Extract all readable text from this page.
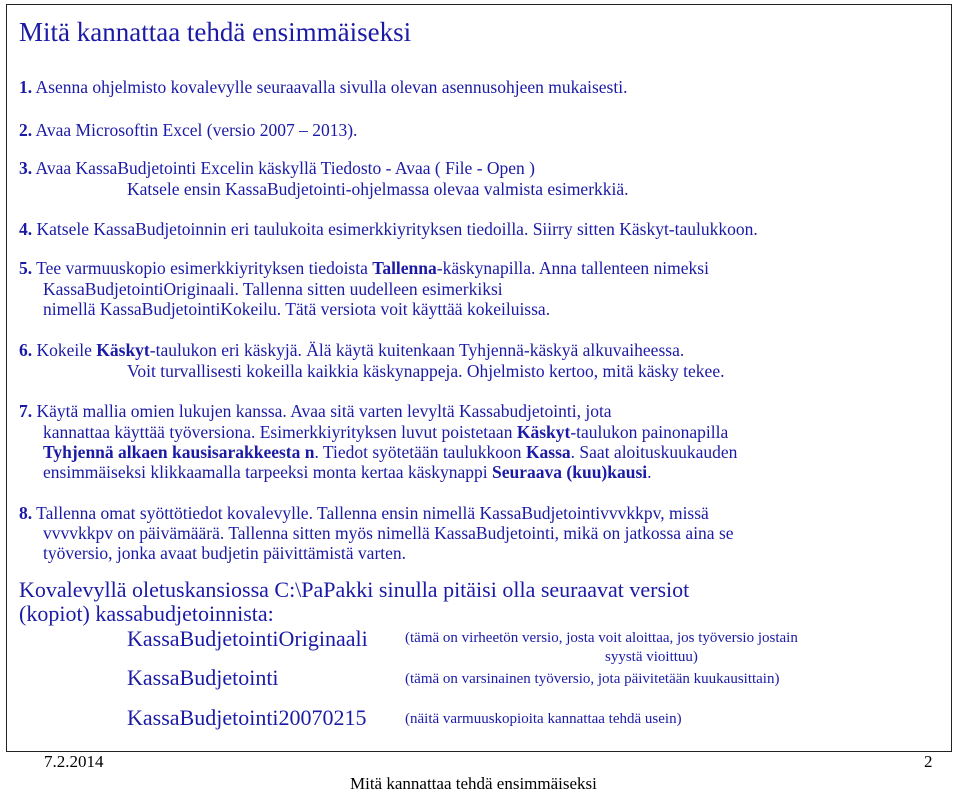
Mitä kannattaa tehdä ensimmäiseksi
1. Asenna ohjelmisto kovalevylle seuraavalla sivulla olevan asennusohjeen mukaisesti.
2. Avaa Microsoftin Excel (versio 2007 – 2013).
3. Avaa KassaBudjetointi Excelin käskyllä Tiedosto - Avaa ( File - Open )
Katsele ensin KassaBudjetointi-ohjelmassa olevaa valmista esimerkkiä.
4. Katsele KassaBudjetoinnin eri taulukoita esimerkkiyrityksen tiedoilla. Siirry sitten Käskyt-taulukkoon.
5. Tee varmuuskopio esimerkkiyrityksen tiedoista Tallenna-käskynapilla. Anna tallenteen nimeksi
KassaBudjetointiOriginaali. Tallenna sitten uudelleen esimerkiksi
nimellä KassaBudjetointiKokeilu. Tätä versiota voit käyttää kokeiluissa.
6. Kokeile Käskyt-taulukon eri käskyjä. Älä käytä kuitenkaan Tyhjennä-käskyä alkuvaiheessa.
Voit turvallisesti kokeilla kaikkia käskynappeja. Ohjelmisto kertoo, mitä käsky tekee.
7. Käytä mallia omien lukujen kanssa. Avaa sitä varten levyltä Kassabudjetointi, jota
kannattaa käyttää työversiona. Esimerkkiyrityksen luvut poistetaan Käskyt-taulukon painonapilla
Tyhjennä alkaen kausisarakkeesta n. Tiedot syötetään taulukkoon Kassa. Saat aloituskuukauden
ensimmäiseksi klikkaamalla tarpeeksi monta kertaa käskynappi Seuraava (kuu)kausi.
8. Tallenna omat syöttötiedot kovalevylle. Tallenna ensin nimellä KassaBudjetointivvvkkpv, missä
vvvvkkpv on päivämäärä. Tallenna sitten myös nimellä KassaBudjetointi, mikä on jatkossa aina se
työversio, jonka avaat budjetin päivittämistä varten.
Kovalevyllä oletuskansiossa C:\PaPakki sinulla pitäisi olla seuraavat versiot
(kopiot) kassabudjetoinnista:
KassaBudjetointiOriginaali (tämä on virheetön versio, josta voit aloittaa, jos työversio jostain
syystä vioittuu)
KassaBudjetointi	(tämä on varsinainen työversio, jota päivitetään kuukausittain)
KassaBudjetointi20070215	(näitä varmuuskopioita kannattaa tehdä usein)
7.2.2014
Mitä kannattaa tehdä ensimmäiseksi
2
